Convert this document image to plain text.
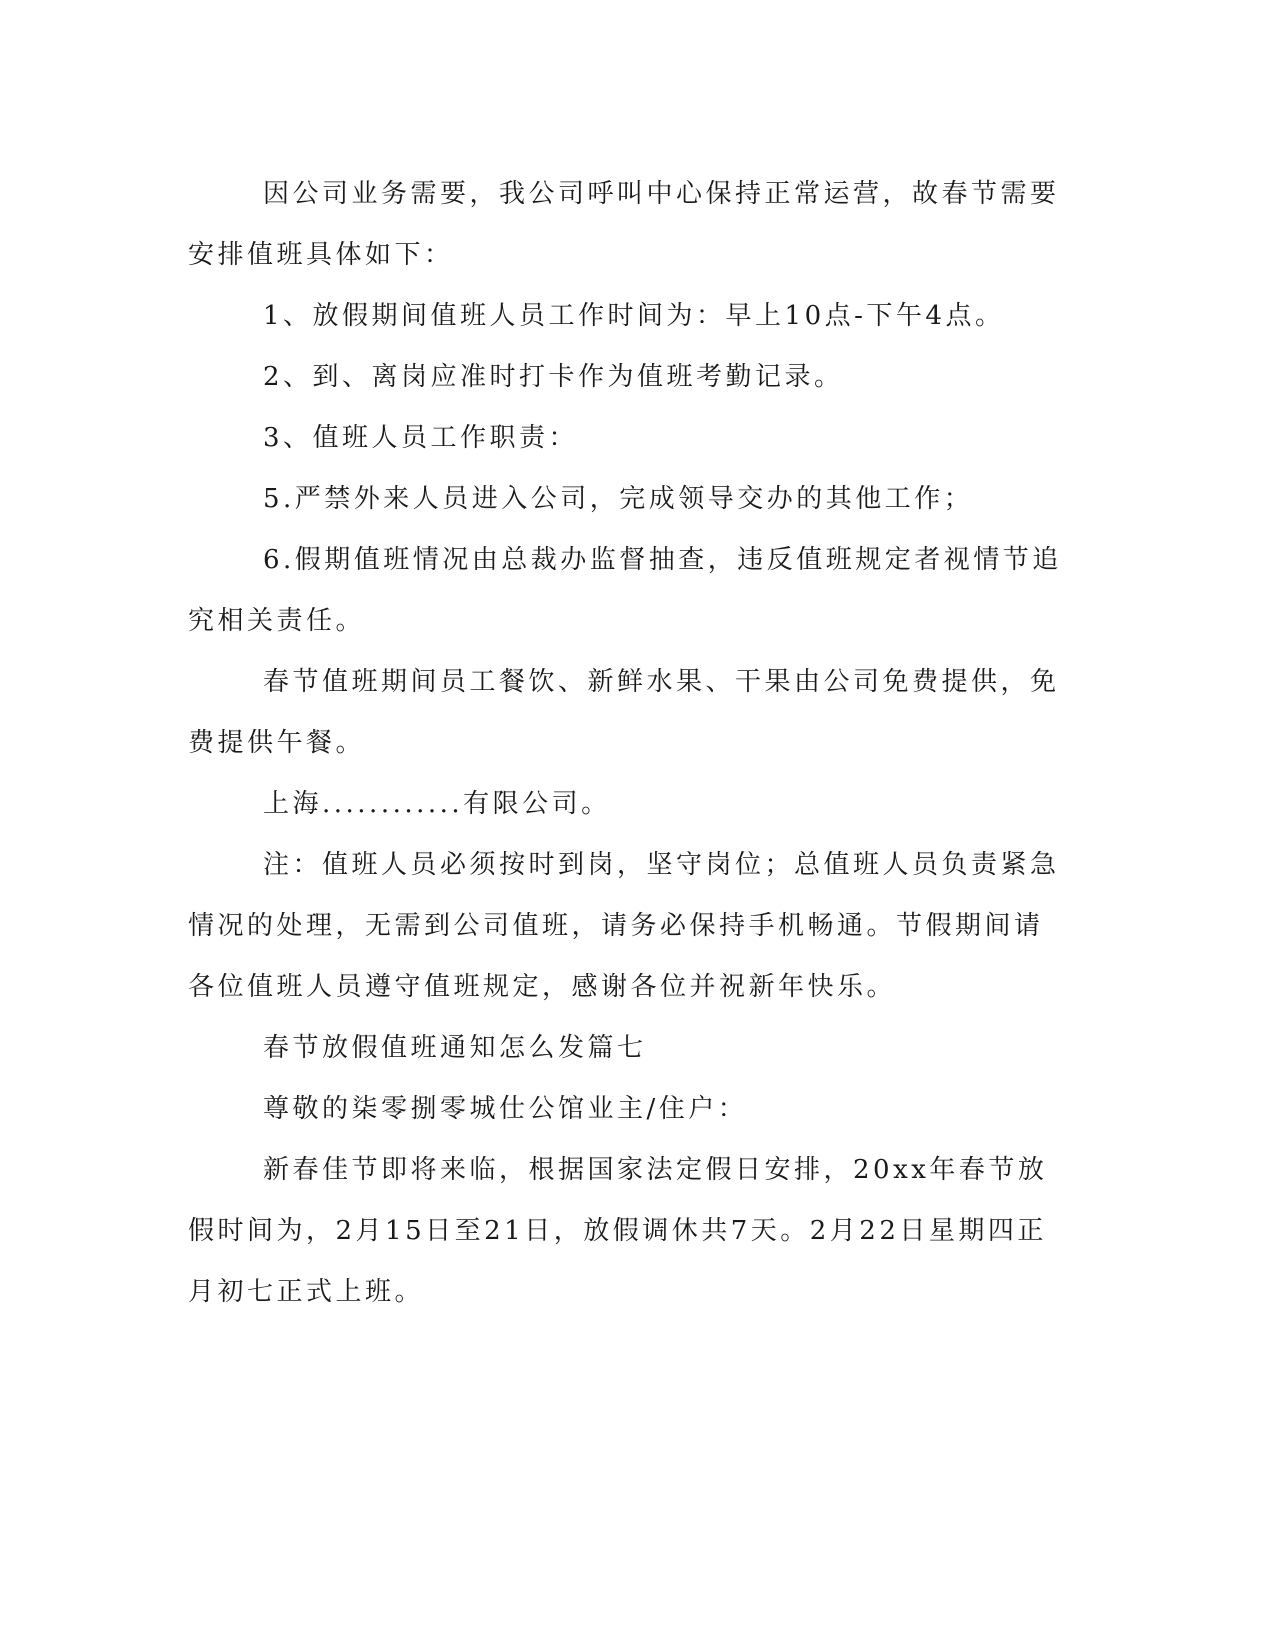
因公司业务需要，我公司呼叫中心保持正常运营，故春节需要安排值班具体如下：

1、放假期间值班人员工作时间为：早上10点-下午4点。

2、到、离岗应准时打卡作为值班考勤记录。

3、值班人员工作职责：

5.严禁外来人员进入公司，完成领导交办的其他工作；

6.假期值班情况由总裁办监督抽查，违反值班规定者视情节追究相关责任。

春节值班期间员工餐饮、新鲜水果、干果由公司免费提供，免费提供午餐。

上海............有限公司。

注：值班人员必须按时到岗，坚守岗位；总值班人员负责紧急情况的处理，无需到公司值班，请务必保持手机畅通。节假期间请各位值班人员遵守值班规定，感谢各位并祝新年快乐。

春节放假值班通知怎么发篇七

尊敬的柒零捌零城仕公馆业主/住户：

新春佳节即将来临，根据国家法定假日安排，20xx年春节放假时间为，2月15日至21日，放假调休共7天。2月22日星期四正月初七正式上班。
